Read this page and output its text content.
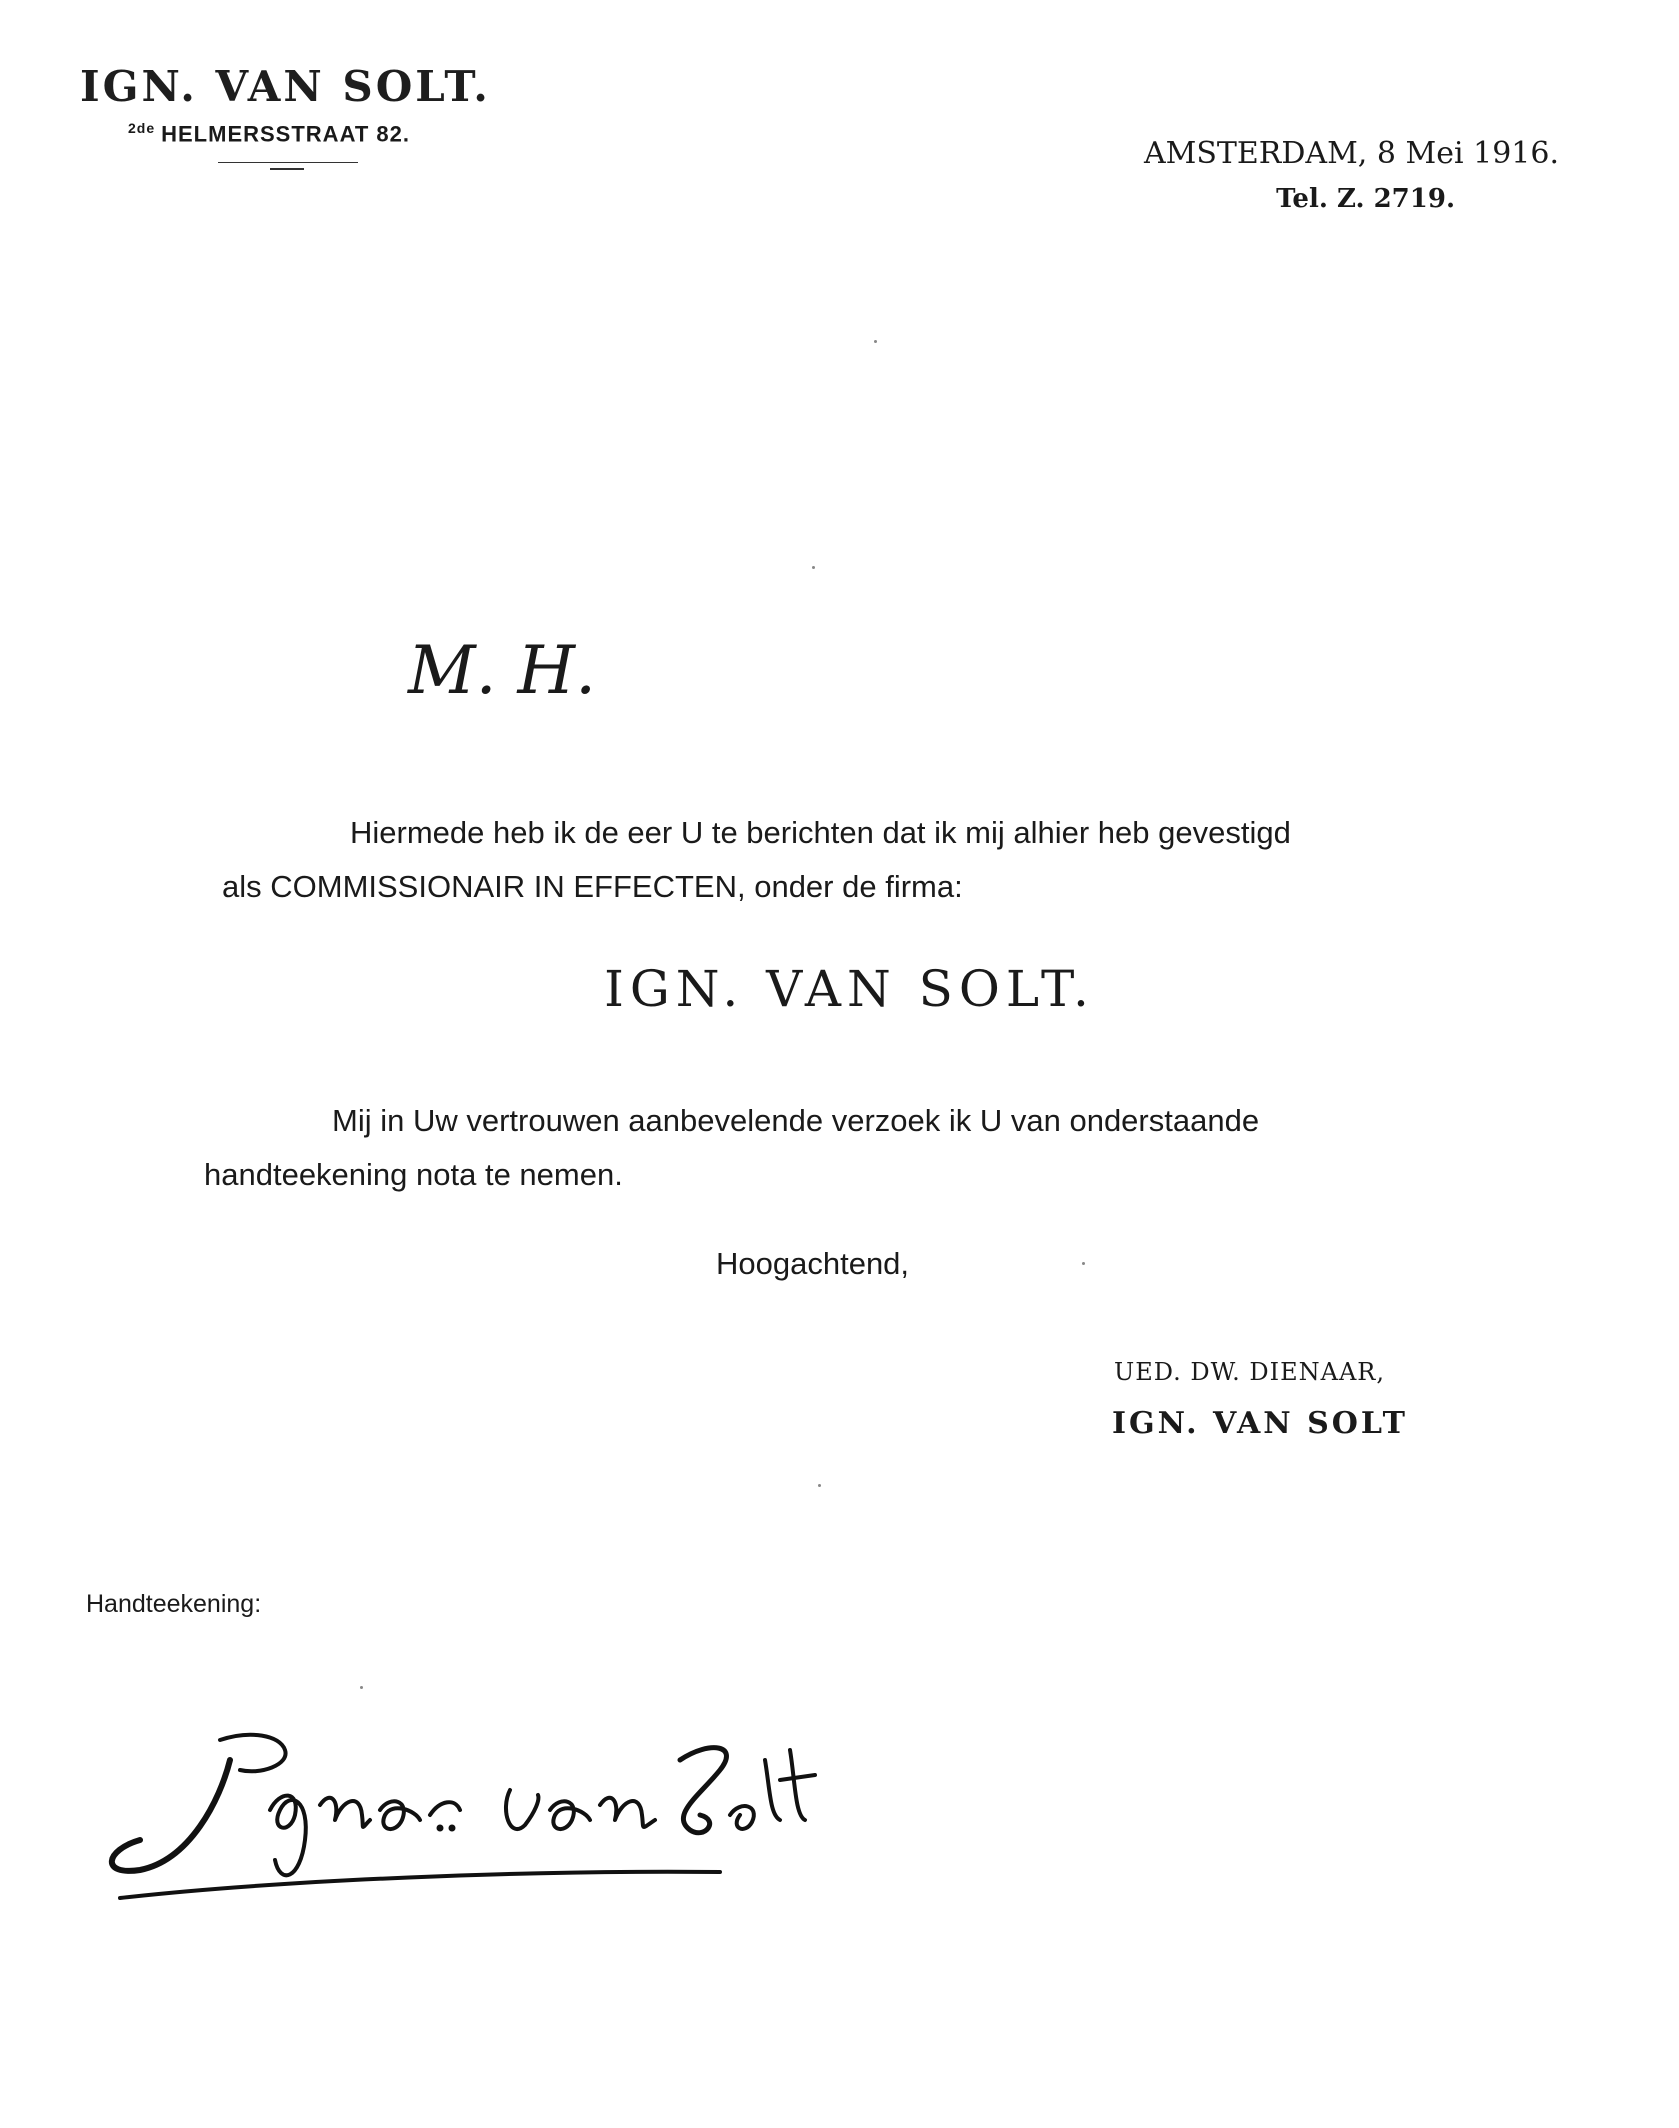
IGN. VAN SOLT.
$^{2de}$ HELMERSSTRAAT 82.
AMSTERDAM, 8 Mei 1916.
Tel. Z. 2719.
M. H.
Hiermede heb ik de eer U te berichten dat ik mij alhier heb gevestigd
als COMMISSIONAIR IN EFFECTEN, onder de firma:
IGN. VAN SOLT.
Mij in Uw vertrouwen aanbevelende verzoek ik U van onderstaande
handteekening nota te nemen.
Hoogachtend,
UED. DW. DIENAAR,
IGN. VAN SOLT
Handteekening:
